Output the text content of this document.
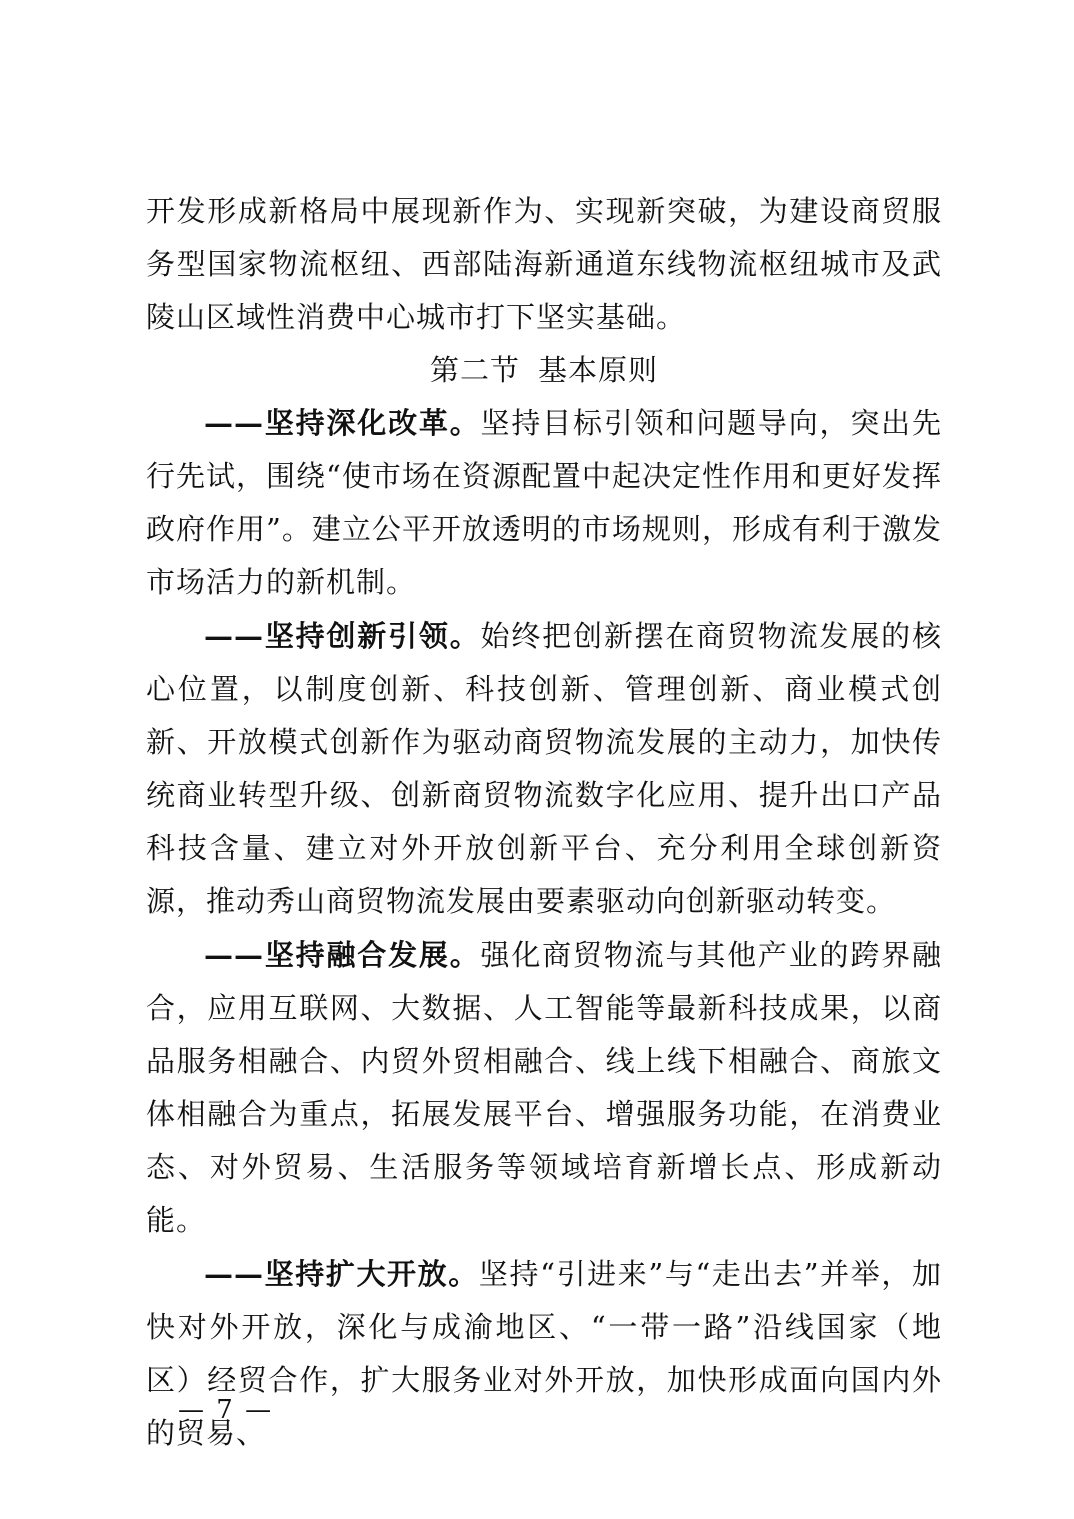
开发形成新格局中展现新作为、实现新突破，为建设商贸服务型国家物流枢纽、西部陆海新通道东线物流枢纽城市及武陵山区域性消费中心城市打下坚实基础。

第二节 基本原则

——坚持深化改革。坚持目标引领和问题导向，突出先行先试，围绕“使市场在资源配置中起决定性作用和更好发挥政府作用”。建立公平开放透明的市场规则，形成有利于激发市场活力的新机制。

——坚持创新引领。始终把创新摆在商贸物流发展的核心位置，以制度创新、科技创新、管理创新、商业模式创新、开放模式创新作为驱动商贸物流发展的主动力，加快传统商业转型升级、创新商贸物流数字化应用、提升出口产品科技含量、建立对外开放创新平台、充分利用全球创新资源，推动秀山商贸物流发展由要素驱动向创新驱动转变。

——坚持融合发展。强化商贸物流与其他产业的跨界融合，应用互联网、大数据、人工智能等最新科技成果，以商品服务相融合、内贸外贸相融合、线上线下相融合、商旅文体相融合为重点，拓展发展平台、增强服务功能，在消费业态、对外贸易、生活服务等领域培育新增长点、形成新动能。

——坚持扩大开放。坚持“引进来”与“走出去”并举，加快对外开放，深化与成渝地区、“一带一路”沿线国家（地区）经贸合作，扩大服务业对外开放，加快形成面向国内外的贸易、

— 7 —
